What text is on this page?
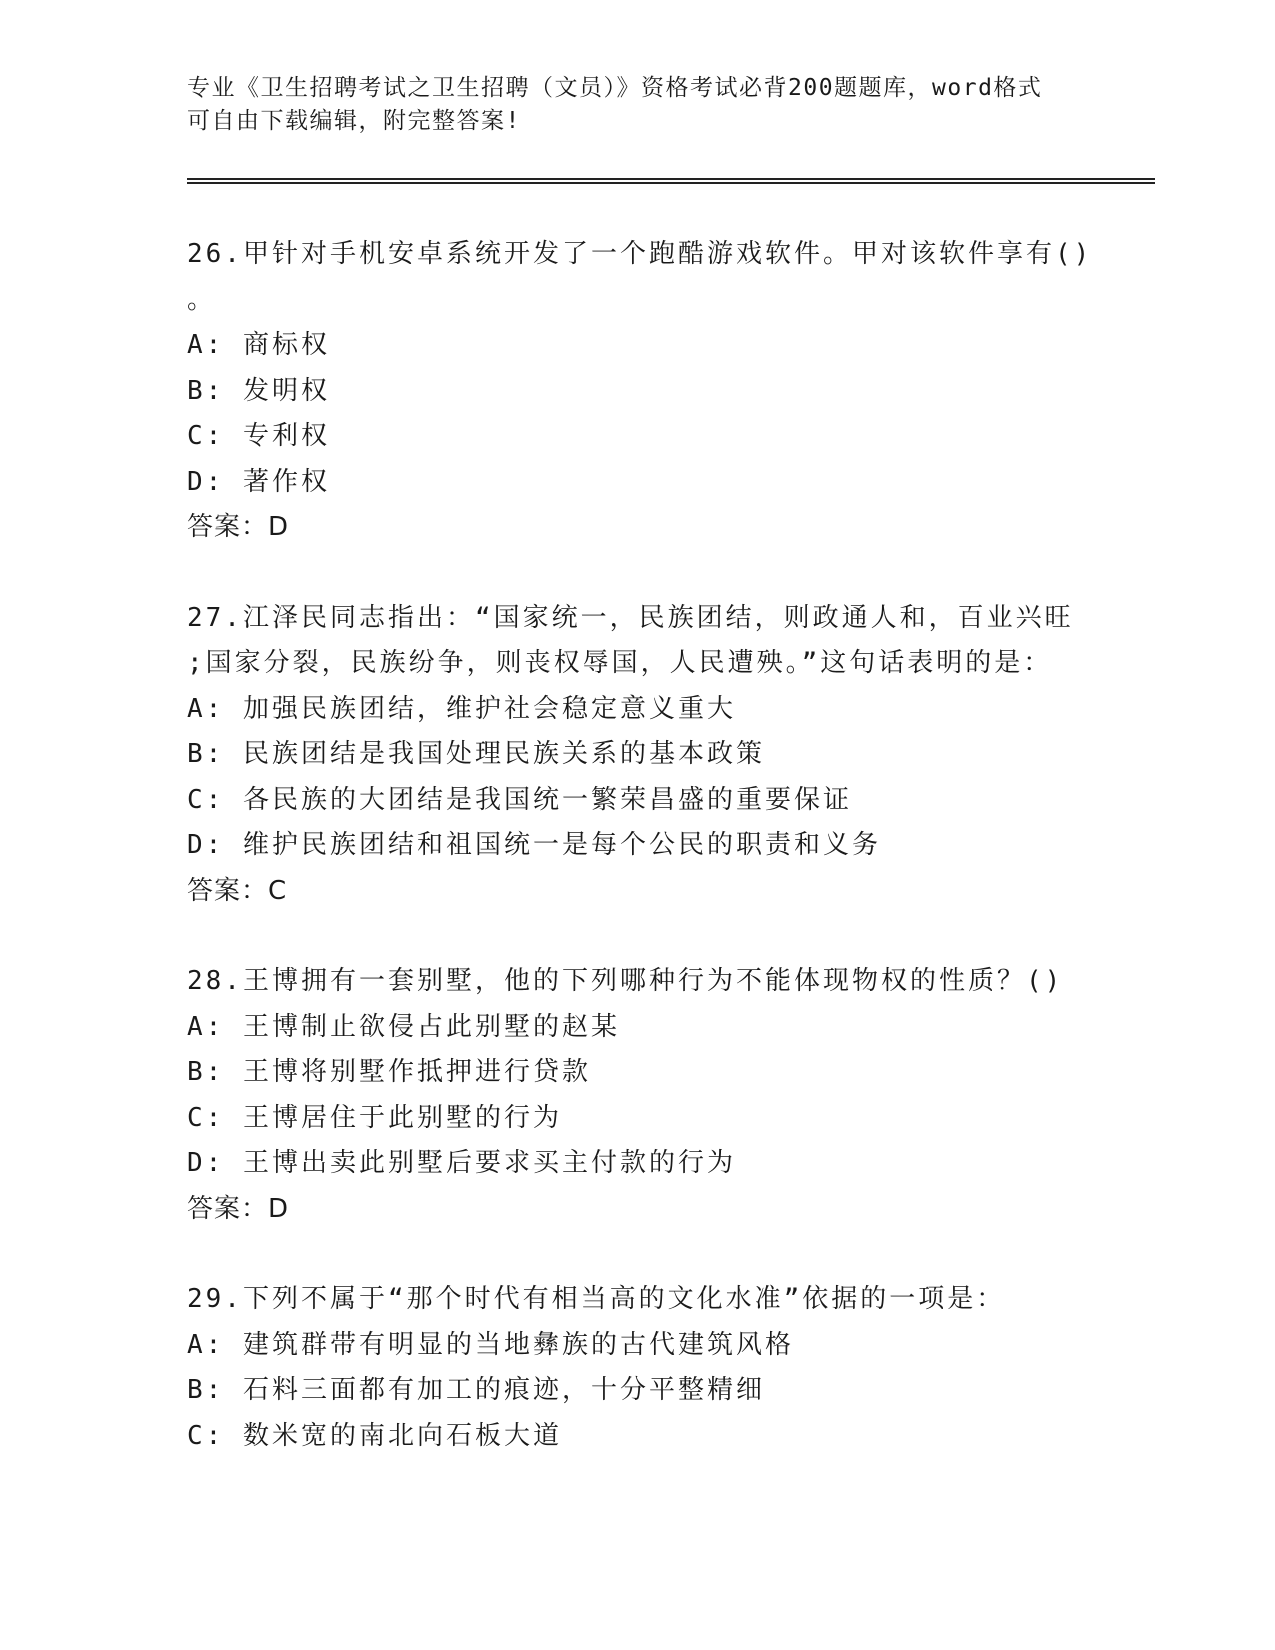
专业《卫生招聘考试之卫生招聘（文员）》资格考试必背200题题库，word格式
可自由下载编辑，附完整答案!
26.甲针对手机安卓系统开发了一个跑酷游戏软件。甲对该软件享有()
。
A: 商标权
B: 发明权
C: 专利权
D: 著作权
答案：D
27.江泽民同志指出：“国家统一，民族团结，则政通人和，百业兴旺
;国家分裂，民族纷争，则丧权辱国，人民遭殃。”这句话表明的是：
A: 加强民族团结，维护社会稳定意义重大
B: 民族团结是我国处理民族关系的基本政策
C: 各民族的大团结是我国统一繁荣昌盛的重要保证
D: 维护民族团结和祖国统一是每个公民的职责和义务
答案：C
28.王博拥有一套别墅，他的下列哪种行为不能体现物权的性质？()
A: 王博制止欲侵占此别墅的赵某
B: 王博将别墅作抵押进行贷款
C: 王博居住于此别墅的行为
D: 王博出卖此别墅后要求买主付款的行为
答案：D
29.下列不属于“那个时代有相当高的文化水准”依据的一项是：
A: 建筑群带有明显的当地彝族的古代建筑风格
B: 石料三面都有加工的痕迹，十分平整精细
C: 数米宽的南北向石板大道
